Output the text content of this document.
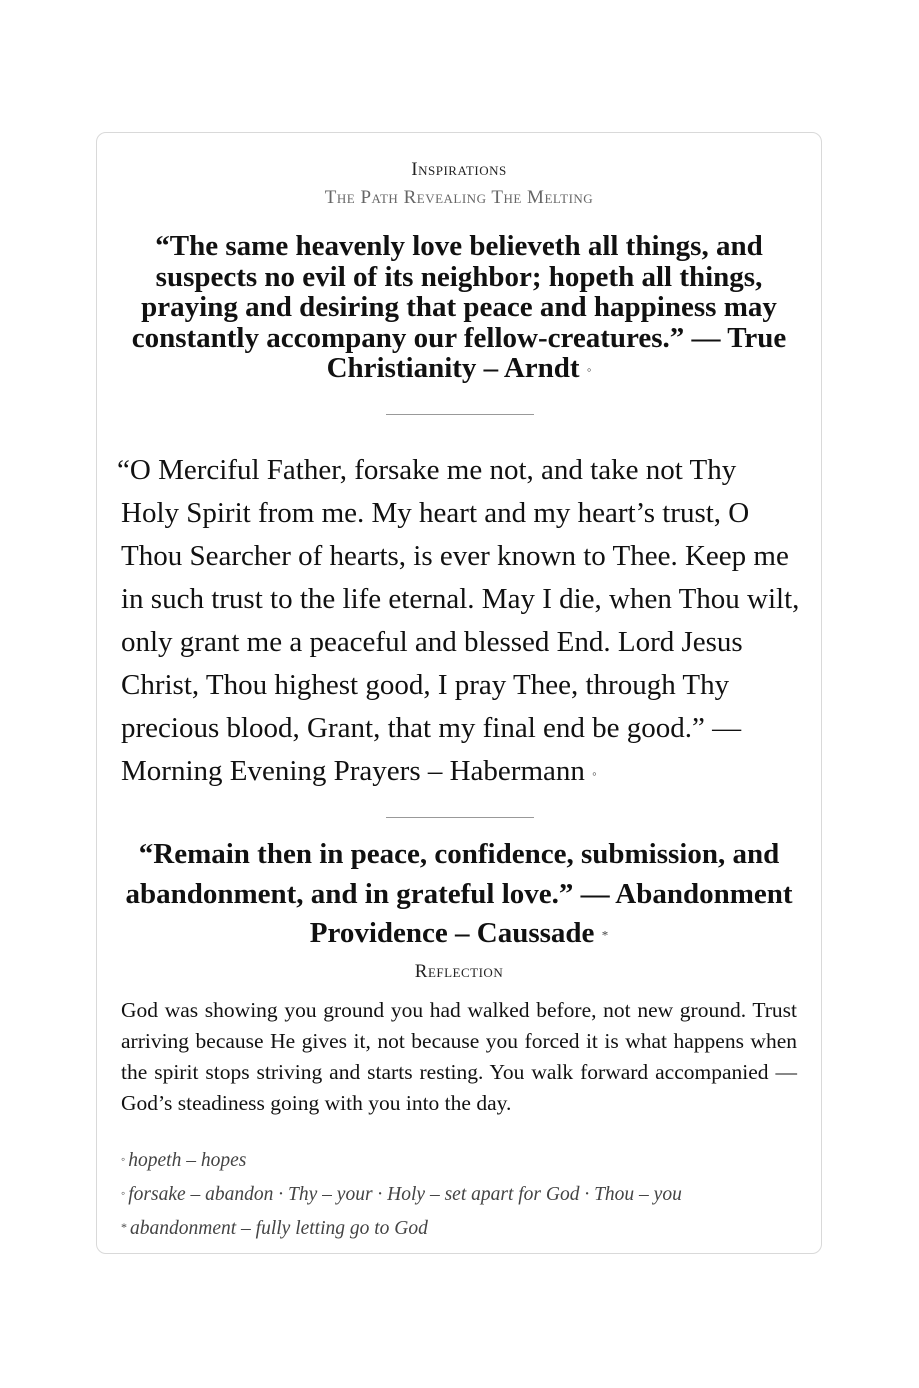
Inspirations
The Path Revealing The Melting
“The same heavenly love believeth all things, and suspects no evil of its neighbor; hopeth all things, praying and desiring that peace and happiness may constantly accompany our fellow-creatures.” — True Christianity – Arndt ◦
“O Merciful Father, forsake me not, and take not Thy Holy Spirit from me. My heart and my heart’s trust, O Thou Searcher of hearts, is ever known to Thee. Keep me in such trust to the life eternal. May I die, when Thou wilt, only grant me a peaceful and blessed End. Lord Jesus Christ, Thou highest good, I pray Thee, through Thy precious blood, Grant, that my final end be good.” — Morning Evening Prayers – Habermann ◦
“Remain then in peace, confidence, submission, and abandonment, and in grateful love.” — Abandonment Providence – Caussade *
Reflection
God was showing you ground you had walked before, not new ground. Trust arriving because He gives it, not because you forced it is what happens when the spirit stops striving and starts resting. You walk forward accompanied — God’s steadiness going with you into the day.
◦ hopeth – hopes
◦ forsake – abandon · Thy – your · Holy – set apart for God · Thou – you
* abandonment – fully letting go to God
